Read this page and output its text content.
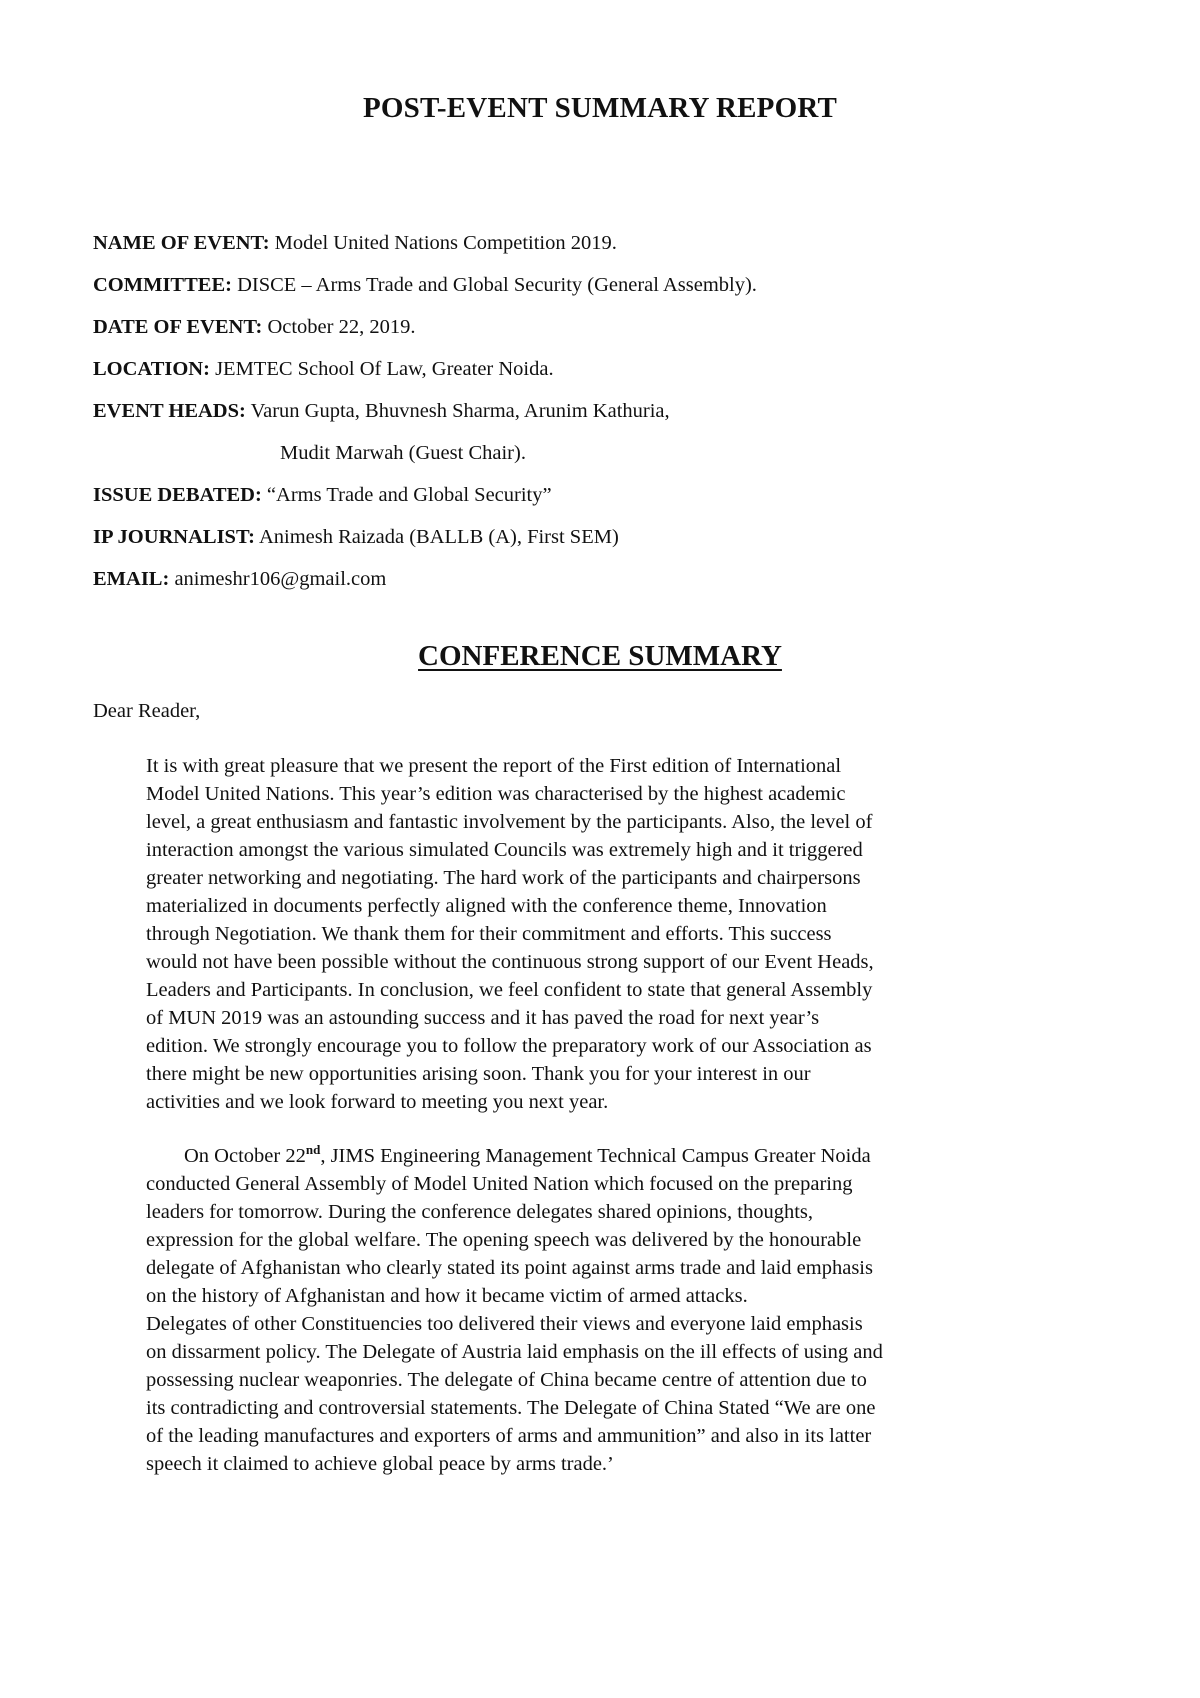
POST-EVENT SUMMARY REPORT
NAME OF EVENT: Model United Nations Competition 2019.
COMMITTEE: DISCE – Arms Trade and Global Security (General Assembly).
DATE OF EVENT: October 22, 2019.
LOCATION: JEMTEC School Of Law, Greater Noida.
EVENT HEADS: Varun Gupta, Bhuvnesh Sharma, Arunim Kathuria,
Mudit Marwah (Guest Chair).
ISSUE DEBATED: “Arms Trade and Global Security”
IP JOURNALIST: Animesh Raizada (BALLB (A), First SEM)
EMAIL: animeshr106@gmail.com
CONFERENCE SUMMARY

Dear Reader,

It is with great pleasure that we present the report of the First edition of International
Model United Nations. This year’s edition was characterised by the highest academic
level, a great enthusiasm and fantastic involvement by the participants. Also, the level of
interaction amongst the various simulated Councils was extremely high and it triggered
greater networking and negotiating. The hard work of the participants and chairpersons
materialized in documents perfectly aligned with the conference theme, Innovation
through Negotiation. We thank them for their commitment and efforts. This success
would not have been possible without the continuous strong support of our Event Heads,
Leaders and Participants. In conclusion, we feel confident to state that general Assembly
of MUN 2019 was an astounding success and it has paved the road for next year’s
edition. We strongly encourage you to follow the preparatory work of our Association as
there might be new opportunities arising soon. Thank you for your interest in our
activities and we look forward to meeting you next year.
On October 22nd, JIMS Engineering Management Technical Campus Greater Noida
conducted General Assembly of Model United Nation which focused on the preparing
leaders for tomorrow. During the conference delegates shared opinions, thoughts,
expression for the global welfare. The opening speech was delivered by the honourable
delegate of Afghanistan who clearly stated its point against arms trade and laid emphasis
on the history of Afghanistan and how it became victim of armed attacks.
Delegates of other Constituencies too delivered their views and everyone laid emphasis
on dissarment policy. The Delegate of Austria laid emphasis on the ill effects of using and
possessing nuclear weaponries. The delegate of China became centre of attention due to
its contradicting and controversial statements. The Delegate of China Stated “We are one
of the leading manufactures and exporters of arms and ammunition” and also in its latter
speech it claimed to achieve global peace by arms trade.’
